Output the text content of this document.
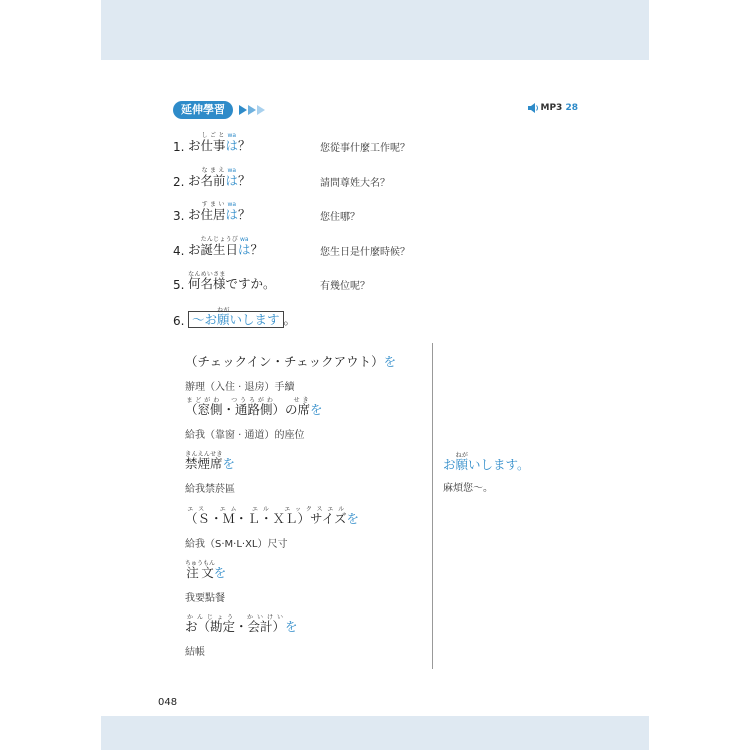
延伸學習	MP3 28
1. お仕事しごとはwa？	您從事什麼工作呢？
2. お名前なまえはwa？	請問尊姓大名？
3. お住居すまいはwa？	您住哪？
4. お誕生日たんじょうびはwa？	您生日是什麼時候？
5. 何名様なんめいさまですか。	有幾位呢？
6. ～お願ねがいします 。
（チェックイン・チェックアウト）を
辦理（入住 ‧ 退房）手續
（窓側・通路側）の席まどがわ　つうろがわ　　せきを
給我（靠窗 ‧ 通道）的座位
禁煙席きんえんせきを
給我禁菸區
（Ｓ・Ｍ・Ｌ・ＸＬ）サイズエス　エム　エル　エックスエルを
給我（S‧M‧L‧XL）尺寸
注文ちゅうもんを
我要點餐
お（勘定・会計）かんじょう　かいけいを
結帳
お願ねがいします。
麻煩您～。
048
